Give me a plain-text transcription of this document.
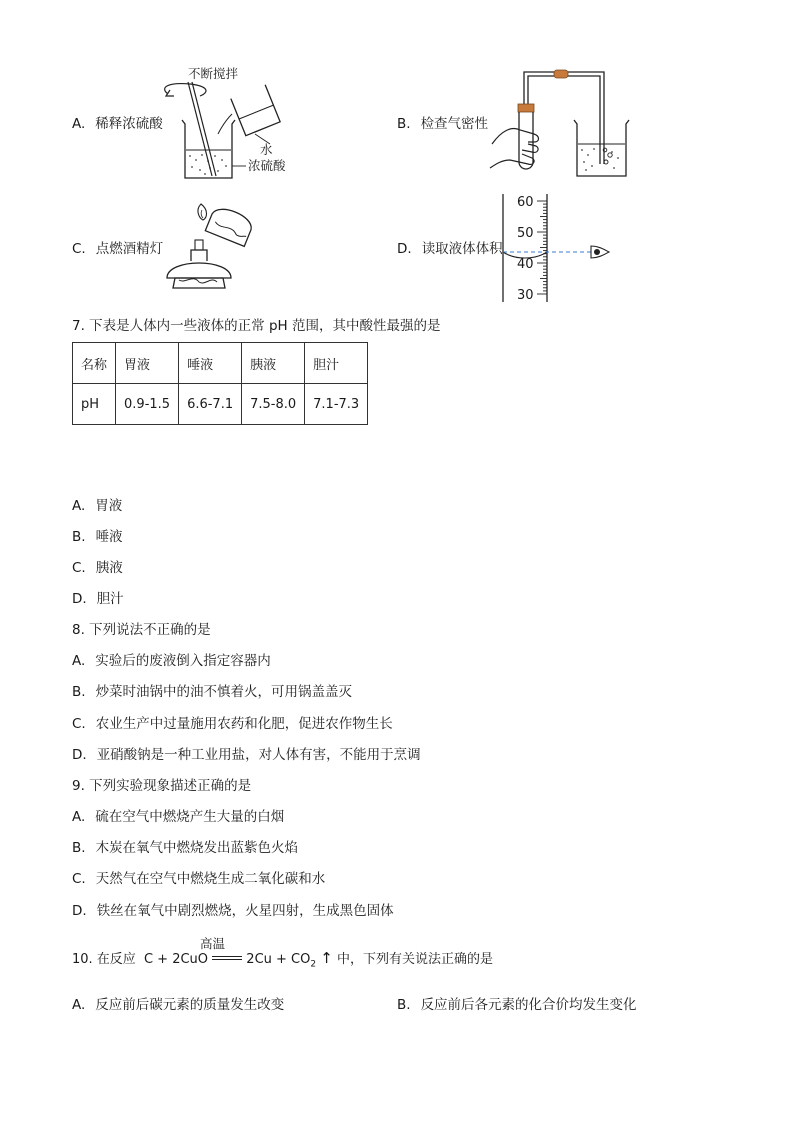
A. 稀释浓硫酸
不断搅拌
水
浓硫酸
B. 检查气密性
C. 点燃酒精灯	D. 读取液体体积
60
50
40
30
7. 下表是人体内一些液体的正常 pH 范围，其中酸性最强的是
名称	胃液	唾液	胰液	胆汁
pH	0.9-1.5	6.6-7.1	7.5-8.0	7.1-7.3
A. 胃液
B. 唾液
C. 胰液
D. 胆汁
8. 下列说法不正确的是
A. 实验后的废液倒入指定容器内
B. 炒菜时油锅中的油不慎着火，可用锅盖盖灭
C. 农业生产中过量施用农药和化肥，促进农作物生长
D. 亚硝酸钠是一种工业用盐，对人体有害，不能用于烹调
9. 下列实验现象描述正确的是
A. 硫在空气中燃烧产生大量的白烟
B. 木炭在氧气中燃烧发出蓝紫色火焰
C. 天然气在空气中燃烧生成二氧化碳和水
D. 铁丝在氧气中剧烈燃烧，火星四射，生成黑色固体
10. 在反应 C + 2CuO	$2Cu + CO_2$ ↑ 中，下列有关说法正确的是
高温
A. 反应前后碳元素的质量发生改变	B. 反应前后各元素的化合价均发生变化
